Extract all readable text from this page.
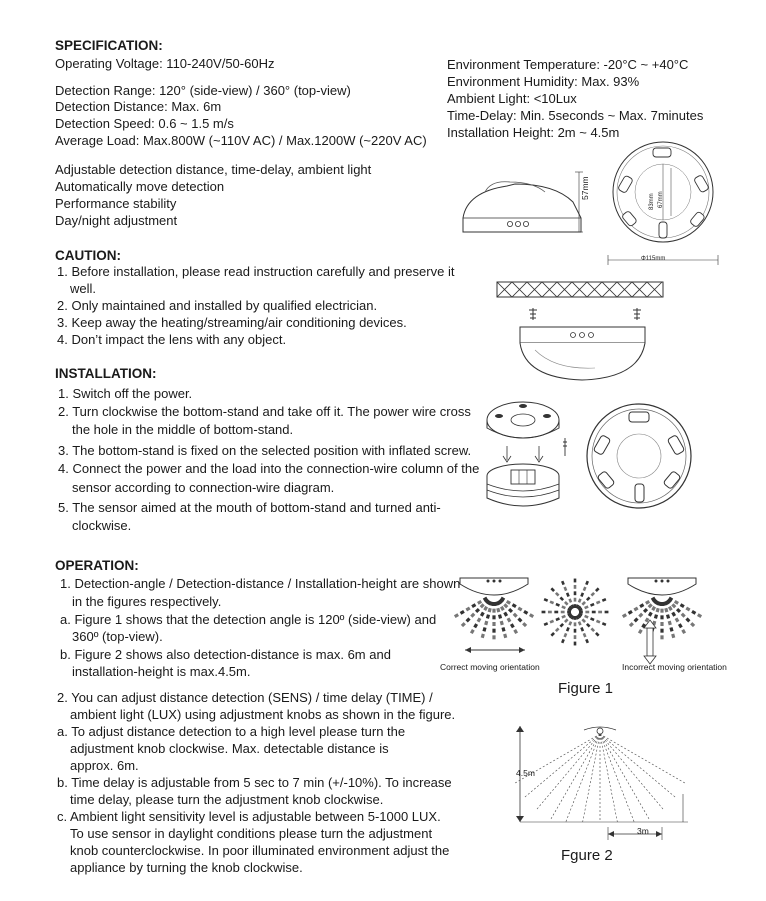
SPECIFICATION:
Operating Voltage: 110-240V/50-60Hz
Detection Range: 120° (side-view) / 360° (top-view)
Detection Distance: Max. 6m
Detection Speed: 0.6 ~ 1.5 m/s
Average Load: Max.800W (~110V AC) / Max.1200W (~220V AC)
Environment Temperature: -20°C ~ +40°C
Environment Humidity: Max. 93%
Ambient Light: <10Lux
Time-Delay: Min. 5seconds ~ Max. 7minutes
Installation Height: 2m ~ 4.5m
Adjustable detection distance, time-delay, ambient light
Automatically move detection
Performance stability
Day/night adjustment
57mm
83mm 67mm
Φ115mm
CAUTION:
1. Before installation, please read instruction carefully and preserve it
well.
2. Only maintained and installed by qualified electrician.
3. Keep away the heating/streaming/air conditioning devices.
4. Don’t impact the lens with any object.
INSTALLATION:
1. Switch off the power.
2. Turn clockwise the bottom-stand and take off it. The power wire cross
the hole in the middle of bottom-stand.
3. The bottom-stand is fixed on the selected position with inflated screw.
4. Connect the power and the load into the connection-wire column of the
sensor according to connection-wire diagram.
5. The sensor aimed at the mouth of bottom-stand and turned anti-
clockwise.
OPERATION:
1. Detection-angle / Detection-distance / Installation-height are shown
in the figures respectively.
a. Figure 1 shows that the detection angle is 120º (side-view) and
360º (top-view).
b. Figure 2 shows also detection-distance is max. 6m and
installation-height is max.4.5m.
2. You can adjust distance detection (SENS) / time delay (TIME) /
ambient light (LUX) using adjustment knobs as shown in the figure.
a. To adjust distance detection to a high level please turn the
adjustment knob clockwise. Max. detectable distance is
approx. 6m.
b. Time delay is adjustable from 5 sec to 7 min (+/-10%). To increase
time delay, please turn the adjustment knob clockwise.
c. Ambient light sensitivity level is adjustable between 5-1000 LUX.
To use sensor in daylight conditions please turn the adjustment
knob counterclockwise. In poor illuminated environment adjust the
appliance by turning the knob clockwise.
Correct moving orientation	Incorrect moving orientation
Figure 1
4.5m
3m
Fgure 2
